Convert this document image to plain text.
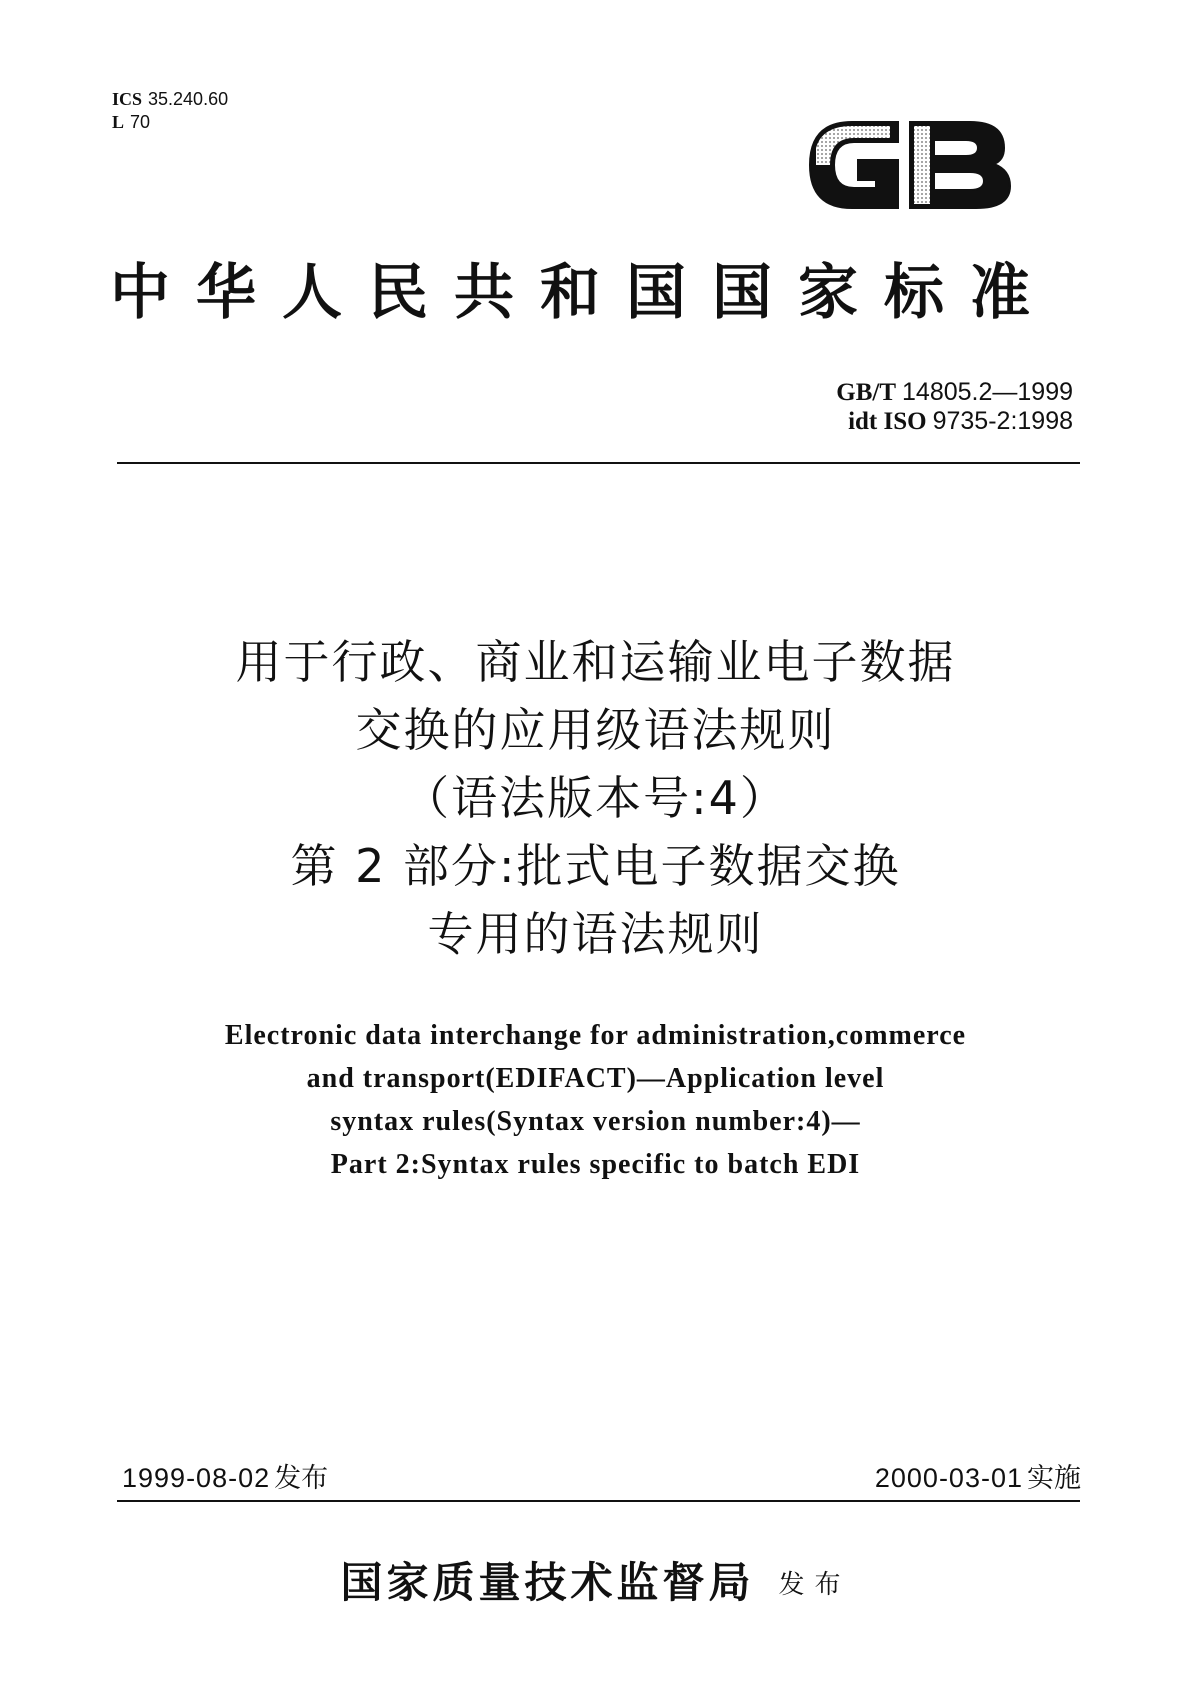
ICS 35.240.60
L 70
中华人民共和国国家标准
GB/T 14805.2—1999
idt ISO 9735-2:1998
用于行政、商业和运输业电子数据
交换的应用级语法规则
（语法版本号:4）
第 2 部分:批式电子数据交换
专用的语法规则
Electronic data interchange for administration,commerce
and transport(EDIFACT)—Application level
syntax rules(Syntax version number:4)—
Part 2:Syntax rules specific to batch EDI
1999-08-02 发布	2000-03-01 实施
国家质量技术监督局 发布
